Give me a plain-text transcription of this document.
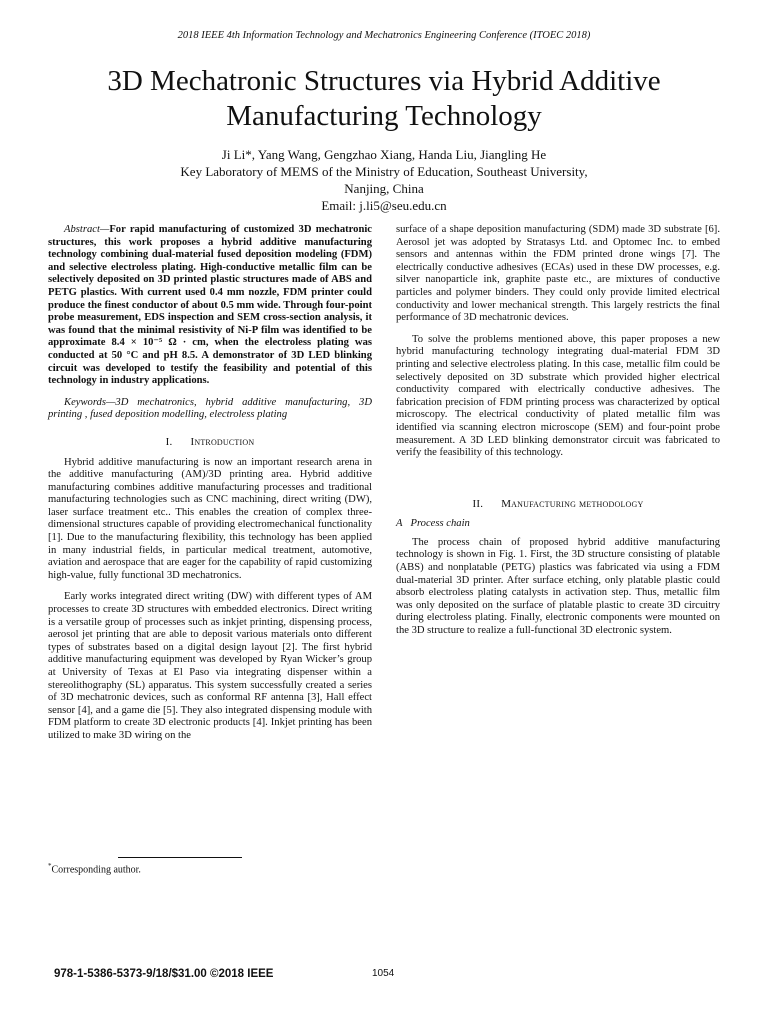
2018 IEEE 4th Information Technology and Mechatronics Engineering Conference (ITOEC 2018)
3D Mechatronic Structures via Hybrid Additive Manufacturing Technology
Ji Li*, Yang Wang, Gengzhao Xiang, Handa Liu, Jiangling He
Key Laboratory of MEMS of the Ministry of Education, Southeast University,
Nanjing, China
Email: j.li5@seu.edu.cn

Abstract—For rapid manufacturing of customized 3D mechatronic structures, this work proposes a hybrid additive manufacturing technology combining dual-material fused deposition modeling (FDM) and selective electroless plating. High-conductive metallic film can be selectively deposited on 3D printed plastic structures made of ABS and PETG plastics. With current used 0.4 mm nozzle, FDM printer could produce the finest conductor of about 0.5 mm wide. Through four-point probe measurement, EDS inspection and SEM cross-section analysis, it was found that the minimal resistivity of Ni-P film was identified to be approximate 8.4 × 10⁻⁵ Ω · cm, when the electroless plating was conducted at 50 °C and pH 8.5. A demonstrator of 3D LED blinking circuit was developed to testify the feasibility and potential of this technology in industry applications.

Keywords—3D mechatronics, hybrid additive manufacturing, 3D printing , fused deposition modelling, electroless plating

I. Introduction

Hybrid additive manufacturing is now an important research arena in the additive manufacturing (AM)/3D printing area. Hybrid additive manufacturing combines additive manufacturing processes and traditional manufacturing technologies such as CNC machining, direct writing (DW), laser surface treatment etc.. This enables the creation of complex three-dimensional structures capable of providing electromechanical functionality [1]. Due to the manufacturing flexibility, this technology has been applied in many industrial fields, in particular medical treatment, automotive, aviation and aerospace that are eager for the capability of rapid customizing high-value, fully functional 3D mechatronics.

Early works integrated direct writing (DW) with different types of AM processes to create 3D structures with embedded electronics. Direct writing is a versatile group of processes such as inkjet printing, dispensing process, aerosol jet printing that are able to deposit various materials onto different types of substrates based on a digital design layout [2]. The first hybrid additive manufacturing equipment was developed by Ryan Wicker’s group at University of Texas at El Paso via integrating dispenser within a stereolithography (SL) apparatus. This system successfully created a series of 3D mechatronic devices, such as conformal RF antenna [3], Hall effect sensor [4], and a game die [5]. They also integrated dispensing module with FDM platform to create 3D electronic products [4]. Inkjet printing has been utilized to make 3D wiring on the

surface of a shape deposition manufacturing (SDM) made 3D substrate [6]. Aerosol jet was adopted by Stratasys Ltd. and Optomec Inc. to embed sensors and antennas within the FDM printed drone wings [7]. The electrically conductive adhesives (ECAs) used in these DW processes, e.g. silver nanoparticle ink, graphite paste etc., are mixtures of conductive particles and polymer binders. They could only provide limited electrical conductivity and lower mechanical strength. This largely restricts the final performance of 3D mechatronic devices.

To solve the problems mentioned above, this paper proposes a new hybrid manufacturing technology integrating dual-material FDM 3D printing and selective electroless plating. In this case, metallic film could be selectively deposited on 3D substrate which provided higher electrical conductivity compared with electrically conductive adhesives. The fabrication precision of FDM printing process was characterized by optical microscopy. The electrical conductivity of plated metallic film was identified via scanning electron microscope (SEM) and four-point probe measurement. A 3D LED blinking demonstrator circuit was fabricated to verify the feasibility of this technology.

II. Manufacturing methodology
A Process chain

The process chain of proposed hybrid additive manufacturing technology is shown in Fig. 1. First, the 3D structure consisting of platable (ABS) and nonplatable (PETG) plastics was fabricated via using a FDM dual-material 3D printer. After surface etching, only platable plastic could absorb electroless plating catalysts in activation step. Thus, metallic film was only deposited on the surface of platable plastic to create 3D circuitry during electroless plating. Finally, electronic components were mounted on the 3D structure to realize a full-functional 3D electronic system.

*Corresponding author.
978-1-5386-5373-9/18/$31.00 ©2018 IEEE	1054
